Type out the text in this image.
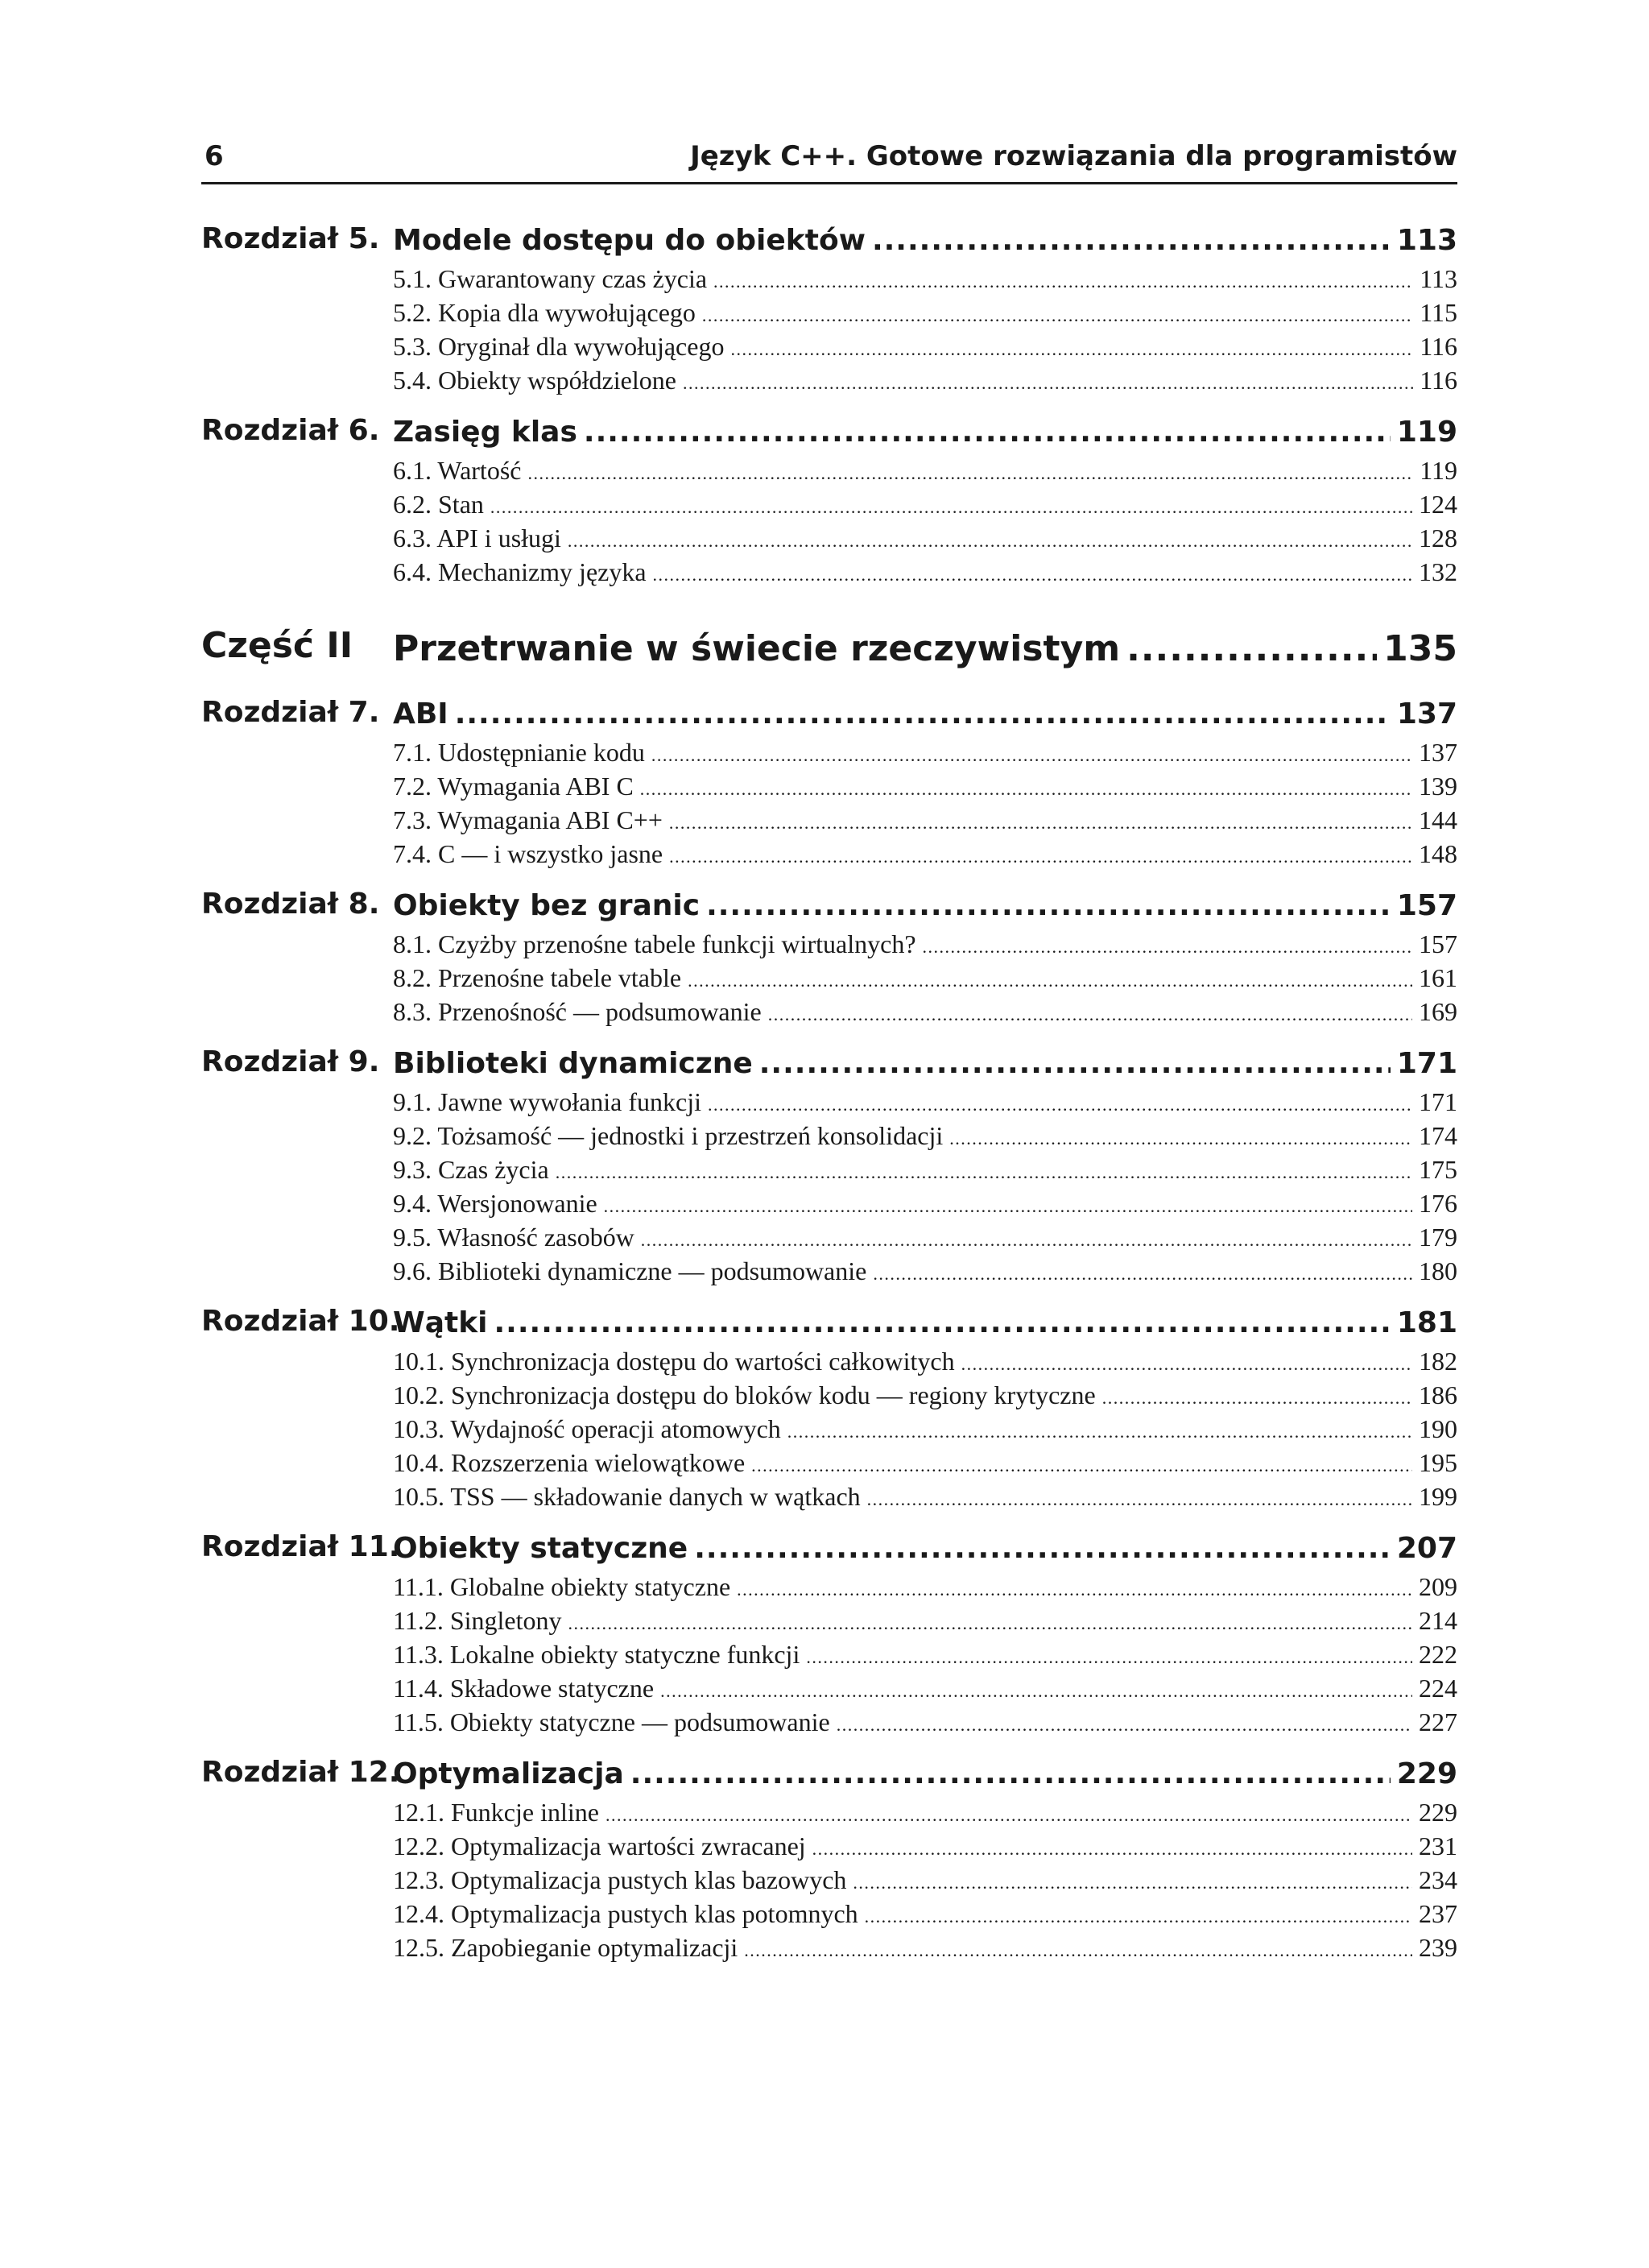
6	Język C++. Gotowe rozwiązania dla programistów
Rozdział 5. Modele dostępu do obiektów .....	113
5.1. Gwarantowany czas życia . . .	113
5.2. Kopia dla wywołującego . . .	115
5.3. Oryginał dla wywołującego . . .	116
5.4. Obiekty współdzielone . . .	116
Rozdział 6. Zasięg klas .....	119
6.1. Wartość . . .	119
6.2. Stan . . .	124
6.3. API i usługi . . .	128
6.4. Mechanizmy języka . . .	132
Część II	Przetrwanie w świecie rzeczywistym .....	135
Rozdział 7. ABI .....	137
7.1. Udostępnianie kodu . . .	137
7.2. Wymagania ABI C . . .	139
7.3. Wymagania ABI C++ . . .	144
7.4. C — i wszystko jasne . . .	148
Rozdział 8. Obiekty bez granic .....	157
8.1. Czyżby przenośne tabele funkcji wirtualnych? . . .	157
8.2. Przenośne tabele vtable . . .	161
8.3. Przenośność — podsumowanie . . .	169
Rozdział 9. Biblioteki dynamiczne .....	171
9.1. Jawne wywołania funkcji . . .	171
9.2. Tożsamość — jednostki i przestrzeń konsolidacji . . .	174
9.3. Czas życia . . .	175
9.4. Wersjonowanie . . .	176
9.5. Własność zasobów . . .	179
9.6. Biblioteki dynamiczne — podsumowanie . . .	180
Rozdział 10.
Wątki .....	181
10.1. Synchronizacja dostępu do wartości całkowitych . . .	182
10.2. Synchronizacja dostępu do bloków kodu — regiony krytyczne . . .	186
10.3. Wydajność operacji atomowych . . .	190
10.4. Rozszerzenia wielowątkowe . . .	195
10.5. TSS — składowanie danych w wątkach . . .	199
Rozdział 11.
Obiekty statyczne .....	207
11.1. Globalne obiekty statyczne . . .	209
11.2. Singletony . . .	214
11.3. Lokalne obiekty statyczne funkcji . . .	222
11.4. Składowe statyczne . . .	224
11.5. Obiekty statyczne — podsumowanie . . .	227
Rozdział 12.
Optymalizacja .....	229
12.1. Funkcje inline . . .	229
12.2. Optymalizacja wartości zwracanej . . .	231
12.3. Optymalizacja pustych klas bazowych . . .	234
12.4. Optymalizacja pustych klas potomnych . . .	237
12.5. Zapobieganie optymalizacji . . .	239
